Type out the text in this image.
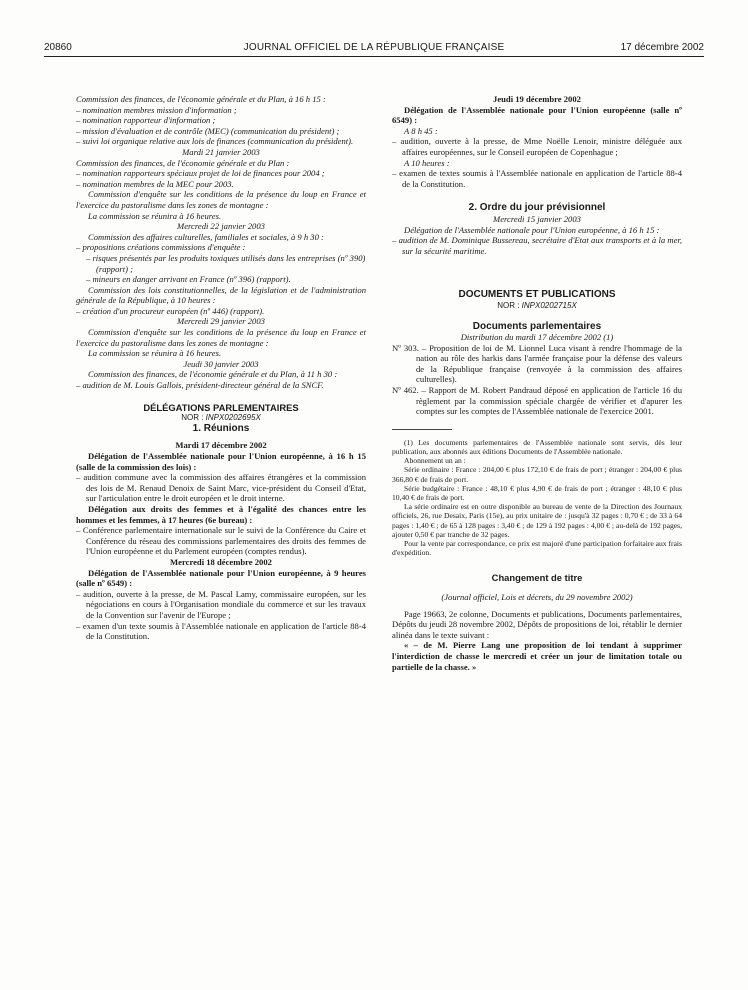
20860	JOURNAL OFFICIEL DE LA RÉPUBLIQUE FRANÇAISE	17 décembre 2002

Commission des finances, de l'économie générale et du Plan, à 16 h 15 :

– nomination membres mission d'information ;

– nomination rapporteur d'information ;

– mission d'évaluation et de contrôle (MEC) (communication du président) ;

– suivi loi organique relative aux lois de finances (communication du président).

Mardi 21 janvier 2003

Commission des finances, de l'économie générale et du Plan :

– nomination rapporteurs spéciaux projet de loi de finances pour 2004 ;

– nomination membres de la MEC pour 2003.

Commission d'enquête sur les conditions de la présence du loup en France et l'exercice du pastoralisme dans les zones de montagne :

La commission se réunira à 16 heures.

Mercredi 22 janvier 2003

Commission des affaires culturelles, familiales et sociales, à 9 h 30 :

– propositions créations commissions d'enquête :

– risques présentés par les produits toxiques utilisés dans les entreprises (nº 390) (rapport) ;

– mineurs en danger arrivant en France (nº 396) (rapport).

Commission des lois constitutionnelles, de la législation et de l'administration générale de la République, à 10 heures :

– création d'un procureur européen (nº 446) (rapport).

Mercredi 29 janvier 2003

Commission d'enquête sur les conditions de la présence du loup en France et l'exercice du pastoralisme dans les zones de montagne :

La commission se réunira à 16 heures.

Jeudi 30 janvier 2003

Commission des finances, de l'économie générale et du Plan, à 11 h 30 :

– audition de M. Louis Gallois, président-directeur général de la SNCF.

DÉLÉGATIONS PARLEMENTAIRES

NOR : INPX0202695X

1. Réunions

Mardi 17 décembre 2002

Délégation de l'Assemblée nationale pour l'Union européenne, à 16 h 15 (salle de la commission des lois) :

– audition commune avec la commission des affaires étrangères et la commission des lois de M. Renaud Denoix de Saint Marc, vice-président du Conseil d'Etat, sur l'articulation entre le droit européen et le droit interne.

Délégation aux droits des femmes et à l'égalité des chances entre les hommes et les femmes, à 17 heures (6e bureau) :

– Conférence parlementaire internationale sur le suivi de la Conférence du Caire et Conférence du réseau des commissions parlementaires des droits des femmes de l'Union européenne et du Parlement européen (comptes rendus).

Mercredi 18 décembre 2002

Délégation de l'Assemblée nationale pour l'Union européenne, à 9 heures (salle nº 6549) :

– audition, ouverte à la presse, de M. Pascal Lamy, commissaire européen, sur les négociations en cours à l'Organisation mondiale du commerce et sur les travaux de la Convention sur l'avenir de l'Europe ;

– examen d'un texte soumis à l'Assemblée nationale en application de l'article 88-4 de la Constitution.

Jeudi 19 décembre 2002

Délégation de l'Assemblée nationale pour l'Union européenne (salle nº 6549) :

A 8 h 45 :

– audition, ouverte à la presse, de Mme Noëlle Lenoir, ministre déléguée aux affaires européennes, sur le Conseil européen de Copenhague ;

A 10 heures :

– examen de textes soumis à l'Assemblée nationale en application de l'article 88-4 de la Constitution.

2. Ordre du jour prévisionnel

Mercredi 15 janvier 2003

Délégation de l'Assemblée nationale pour l'Union européenne, à 16 h 15 :

– audition de M. Dominique Bussereau, secrétaire d'Etat aux transports et à la mer, sur la sécurité maritime.

DOCUMENTS ET PUBLICATIONS

NOR : INPX0202715X

Documents parlementaires

Distribution du mardi 17 décembre 2002 (1)

Nº 303. – Proposition de loi de M. Lionnel Luca visant à rendre l'hommage de la nation au rôle des harkis dans l'armée française pour la défense des valeurs de la République française (renvoyée à la commission des affaires culturelles).

Nº 462. – Rapport de M. Robert Pandraud déposé en application de l'article 16 du règlement par la commission spéciale chargée de vérifier et d'apurer les comptes sur les comptes de l'Assemblée nationale de l'exercice 2001.

(1) Les documents parlementaires de l'Assemblée nationale sont servis, dès leur publication, aux abonnés aux éditions Documents de l'Assemblée nationale.

Abonnement un an :

Série ordinaire : France : 204,00 € plus 172,10 € de frais de port ; étranger : 204,00 € plus 366,80 € de frais de port.

Série budgétaire : France : 48,10 € plus 4,90 € de frais de port ; étranger : 48,10 € plus 10,40 € de frais de port.

La série ordinaire est en outre disponible au bureau de vente de la Direction des Journaux officiels, 26, rue Desaix, Paris (15e), au prix unitaire de : jusqu'à 32 pages : 0,70 € ; de 33 à 64 pages : 1,40 € ; de 65 à 128 pages : 3,40 € ; de 129 à 192 pages : 4,00 € ; au-delà de 192 pages, ajouter 0,50 € par tranche de 32 pages.

Pour la vente par correspondance, ce prix est majoré d'une participation forfaitaire aux frais d'expédition.

Changement de titre

(Journal officiel, Lois et décrets, du 29 novembre 2002)

Page 19663, 2e colonne, Documents et publications, Documents parlementaires, Dépôts du jeudi 28 novembre 2002, Dépôts de propositions de loi, rétablir le dernier alinéa dans le texte suivant :

« – de M. Pierre Lang une proposition de loi tendant à supprimer l'interdiction de chasse le mercredi et créer un jour de limitation totale ou partielle de la chasse. »
